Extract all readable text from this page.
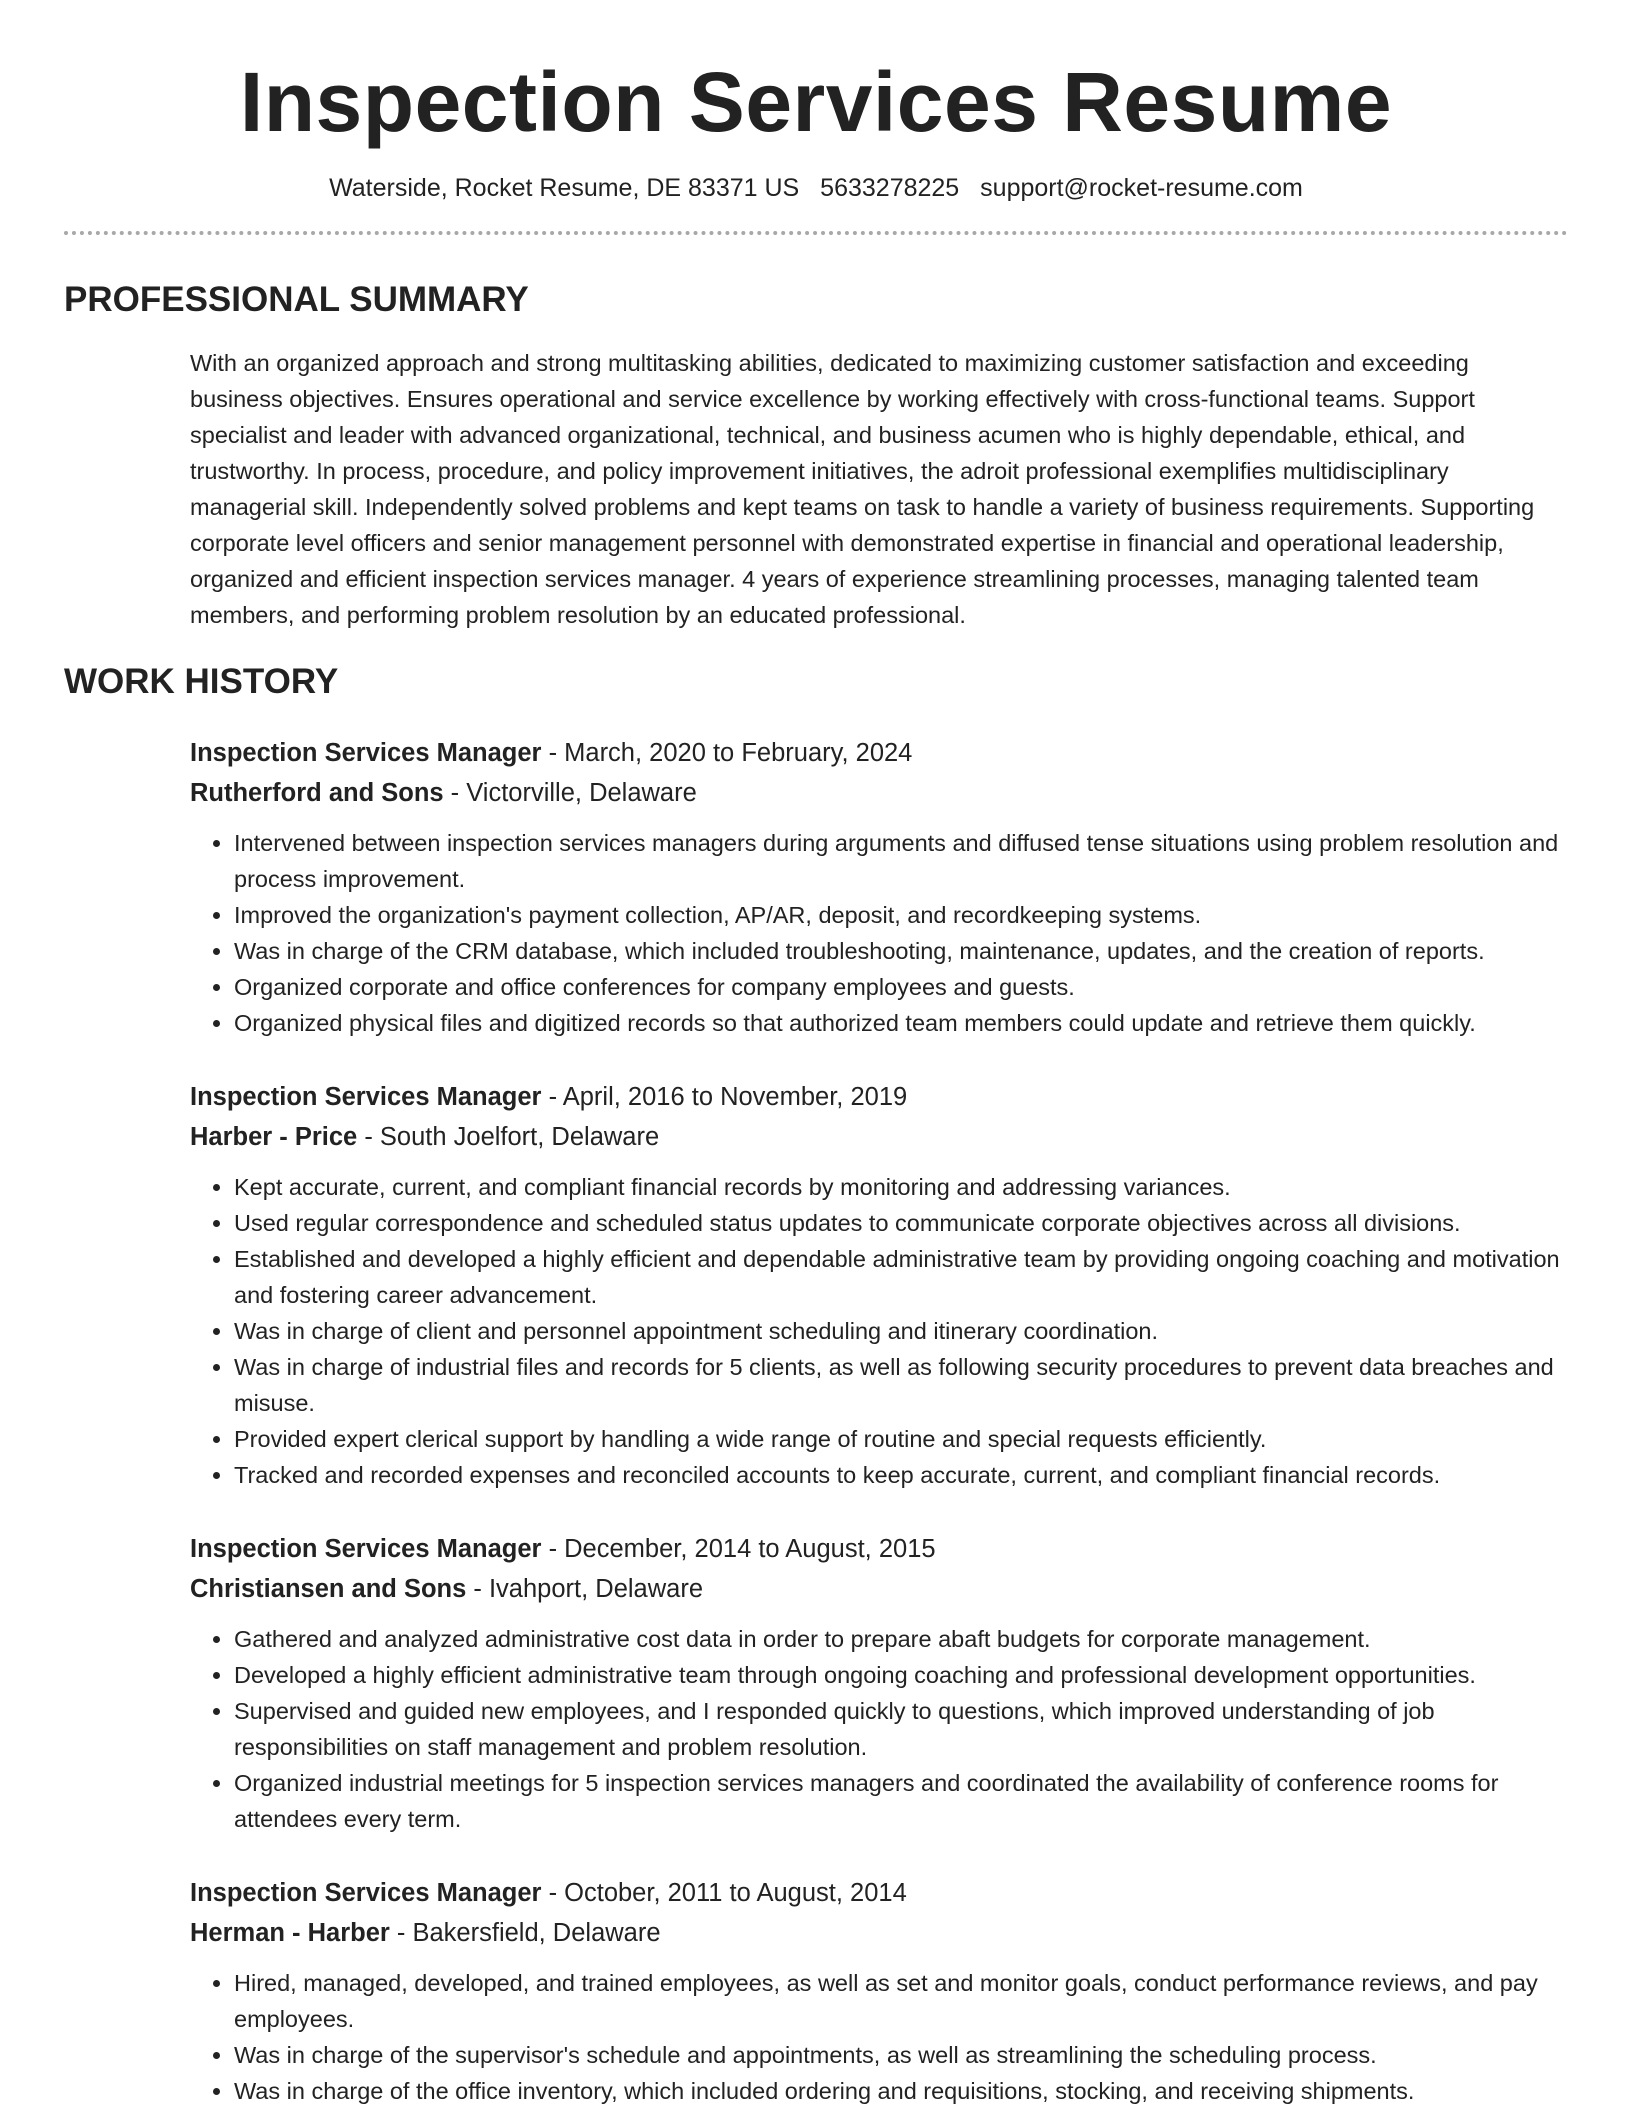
Inspection Services Resume
Waterside, Rocket Resume, DE 83371 US 5633278225 support@rocket-resume.com
PROFESSIONAL SUMMARY

With an organized approach and strong multitasking abilities, dedicated to maximizing customer satisfaction and exceeding business objectives. Ensures operational and service excellence by working effectively with cross-functional teams. Support specialist and leader with advanced organizational, technical, and business acumen who is highly dependable, ethical, and trustworthy. In process, procedure, and policy improvement initiatives, the adroit professional exemplifies multidisciplinary managerial skill. Independently solved problems and kept teams on task to handle a variety of business requirements. Supporting corporate level officers and senior management personnel with demonstrated expertise in financial and operational leadership, organized and efficient inspection services manager. 4 years of experience streamlining processes, managing talented team members, and performing problem resolution by an educated professional.

WORK HISTORY
Inspection Services Manager - March, 2020 to February, 2024
Rutherford and Sons - Victorville, Delaware
• Intervened between inspection services managers during arguments and diffused tense situations using problem resolution and process improvement.
• Improved the organization's payment collection, AP/AR, deposit, and recordkeeping systems.
• Was in charge of the CRM database, which included troubleshooting, maintenance, updates, and the creation of reports.
• Organized corporate and office conferences for company employees and guests.
• Organized physical files and digitized records so that authorized team members could update and retrieve them quickly.
Inspection Services Manager - April, 2016 to November, 2019
Harber - Price - South Joelfort, Delaware
• Kept accurate, current, and compliant financial records by monitoring and addressing variances.
• Used regular correspondence and scheduled status updates to communicate corporate objectives across all divisions.
• Established and developed a highly efficient and dependable administrative team by providing ongoing coaching and motivation and fostering career advancement.
• Was in charge of client and personnel appointment scheduling and itinerary coordination.
• Was in charge of industrial files and records for 5 clients, as well as following security procedures to prevent data breaches and misuse.
• Provided expert clerical support by handling a wide range of routine and special requests efficiently.
• Tracked and recorded expenses and reconciled accounts to keep accurate, current, and compliant financial records.
Inspection Services Manager - December, 2014 to August, 2015
Christiansen and Sons - Ivahport, Delaware
• Gathered and analyzed administrative cost data in order to prepare abaft budgets for corporate management.
• Developed a highly efficient administrative team through ongoing coaching and professional development opportunities.
• Supervised and guided new employees, and I responded quickly to questions, which improved understanding of job responsibilities on staff management and problem resolution.
• Organized industrial meetings for 5 inspection services managers and coordinated the availability of conference rooms for attendees every term.
Inspection Services Manager - October, 2011 to August, 2014
Herman - Harber - Bakersfield, Delaware
• Hired, managed, developed, and trained employees, as well as set and monitor goals, conduct performance reviews, and pay employees.
• Was in charge of the supervisor's schedule and appointments, as well as streamlining the scheduling process.
• Was in charge of the office inventory, which included ordering and requisitions, stocking, and receiving shipments.
